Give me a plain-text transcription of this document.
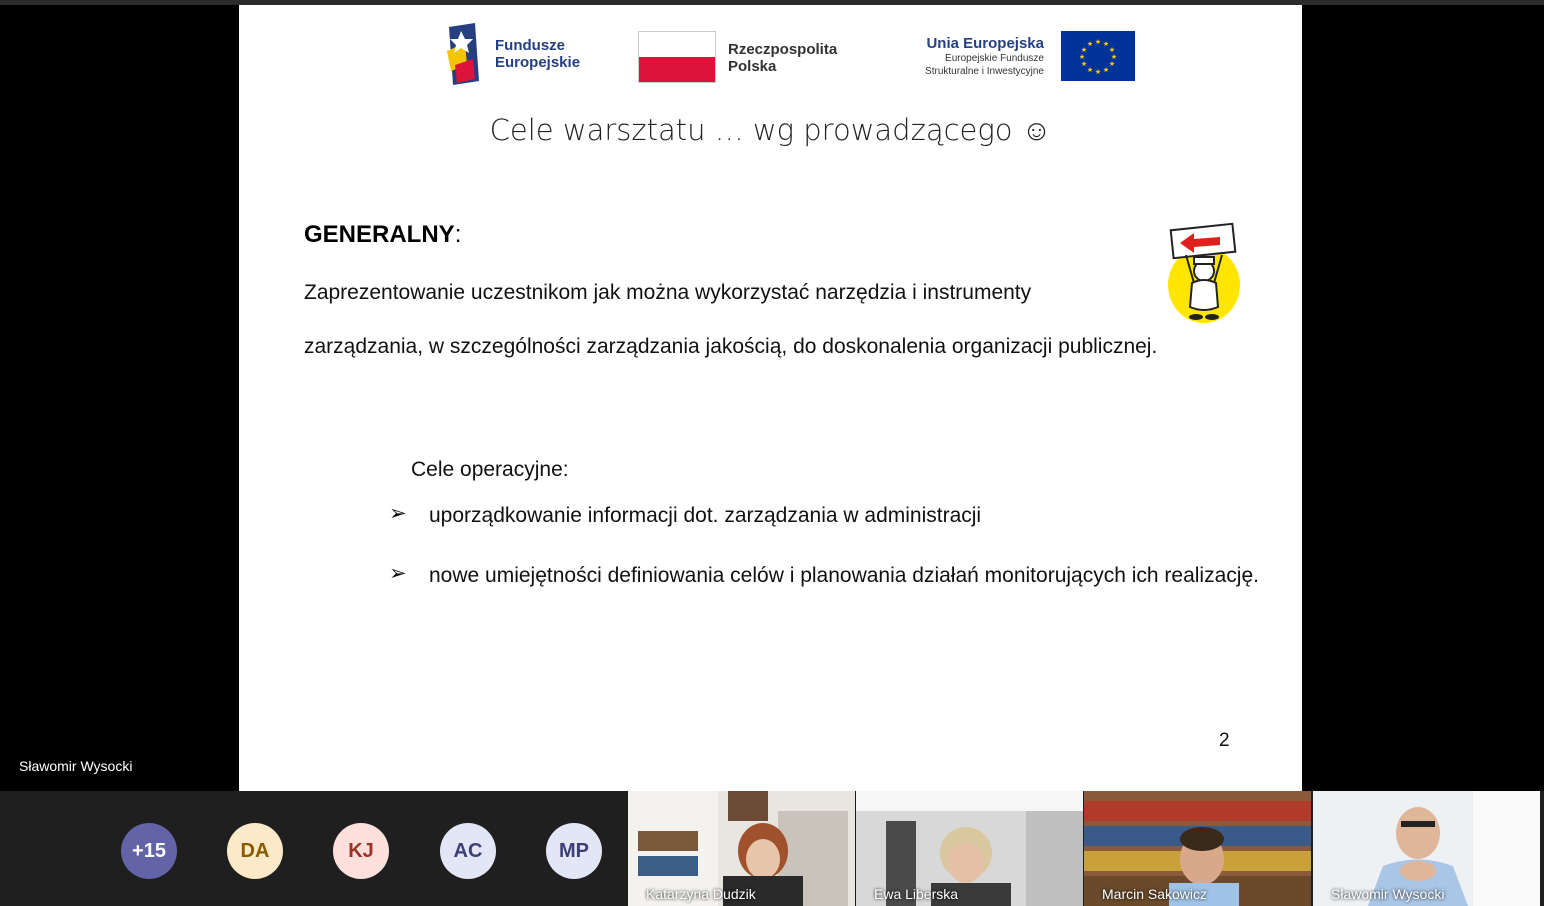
Fundusze Europejskie
Rzeczpospolita Polska
Unia Europejska
Europejskie Fundusze
Strukturalne i Inwestycyjne
★ ★
★
★
★
★
★
★
★
★
★
★
Cele warsztatu … wg prowadzącego ☺
GENERALNY:
Zaprezentowanie uczestnikom jak można wykorzystać narzędzia i instrumenty
zarządzania, w szczególności zarządzania jakością, do doskonalenia organizacji publicznej.
Cele operacyjne:
➢ uporządkowanie informacji dot. zarządzania w administracji
➢ nowe umiejętności definiowania celów i planowania działań monitorujących ich realizację.
2
Sławomir Wysocki
+15	DA	KJ	AC	MP
Katarzyna Dudzik	Ewa Liberska	Marcin Sakowicz	Sławomir Wysocki
